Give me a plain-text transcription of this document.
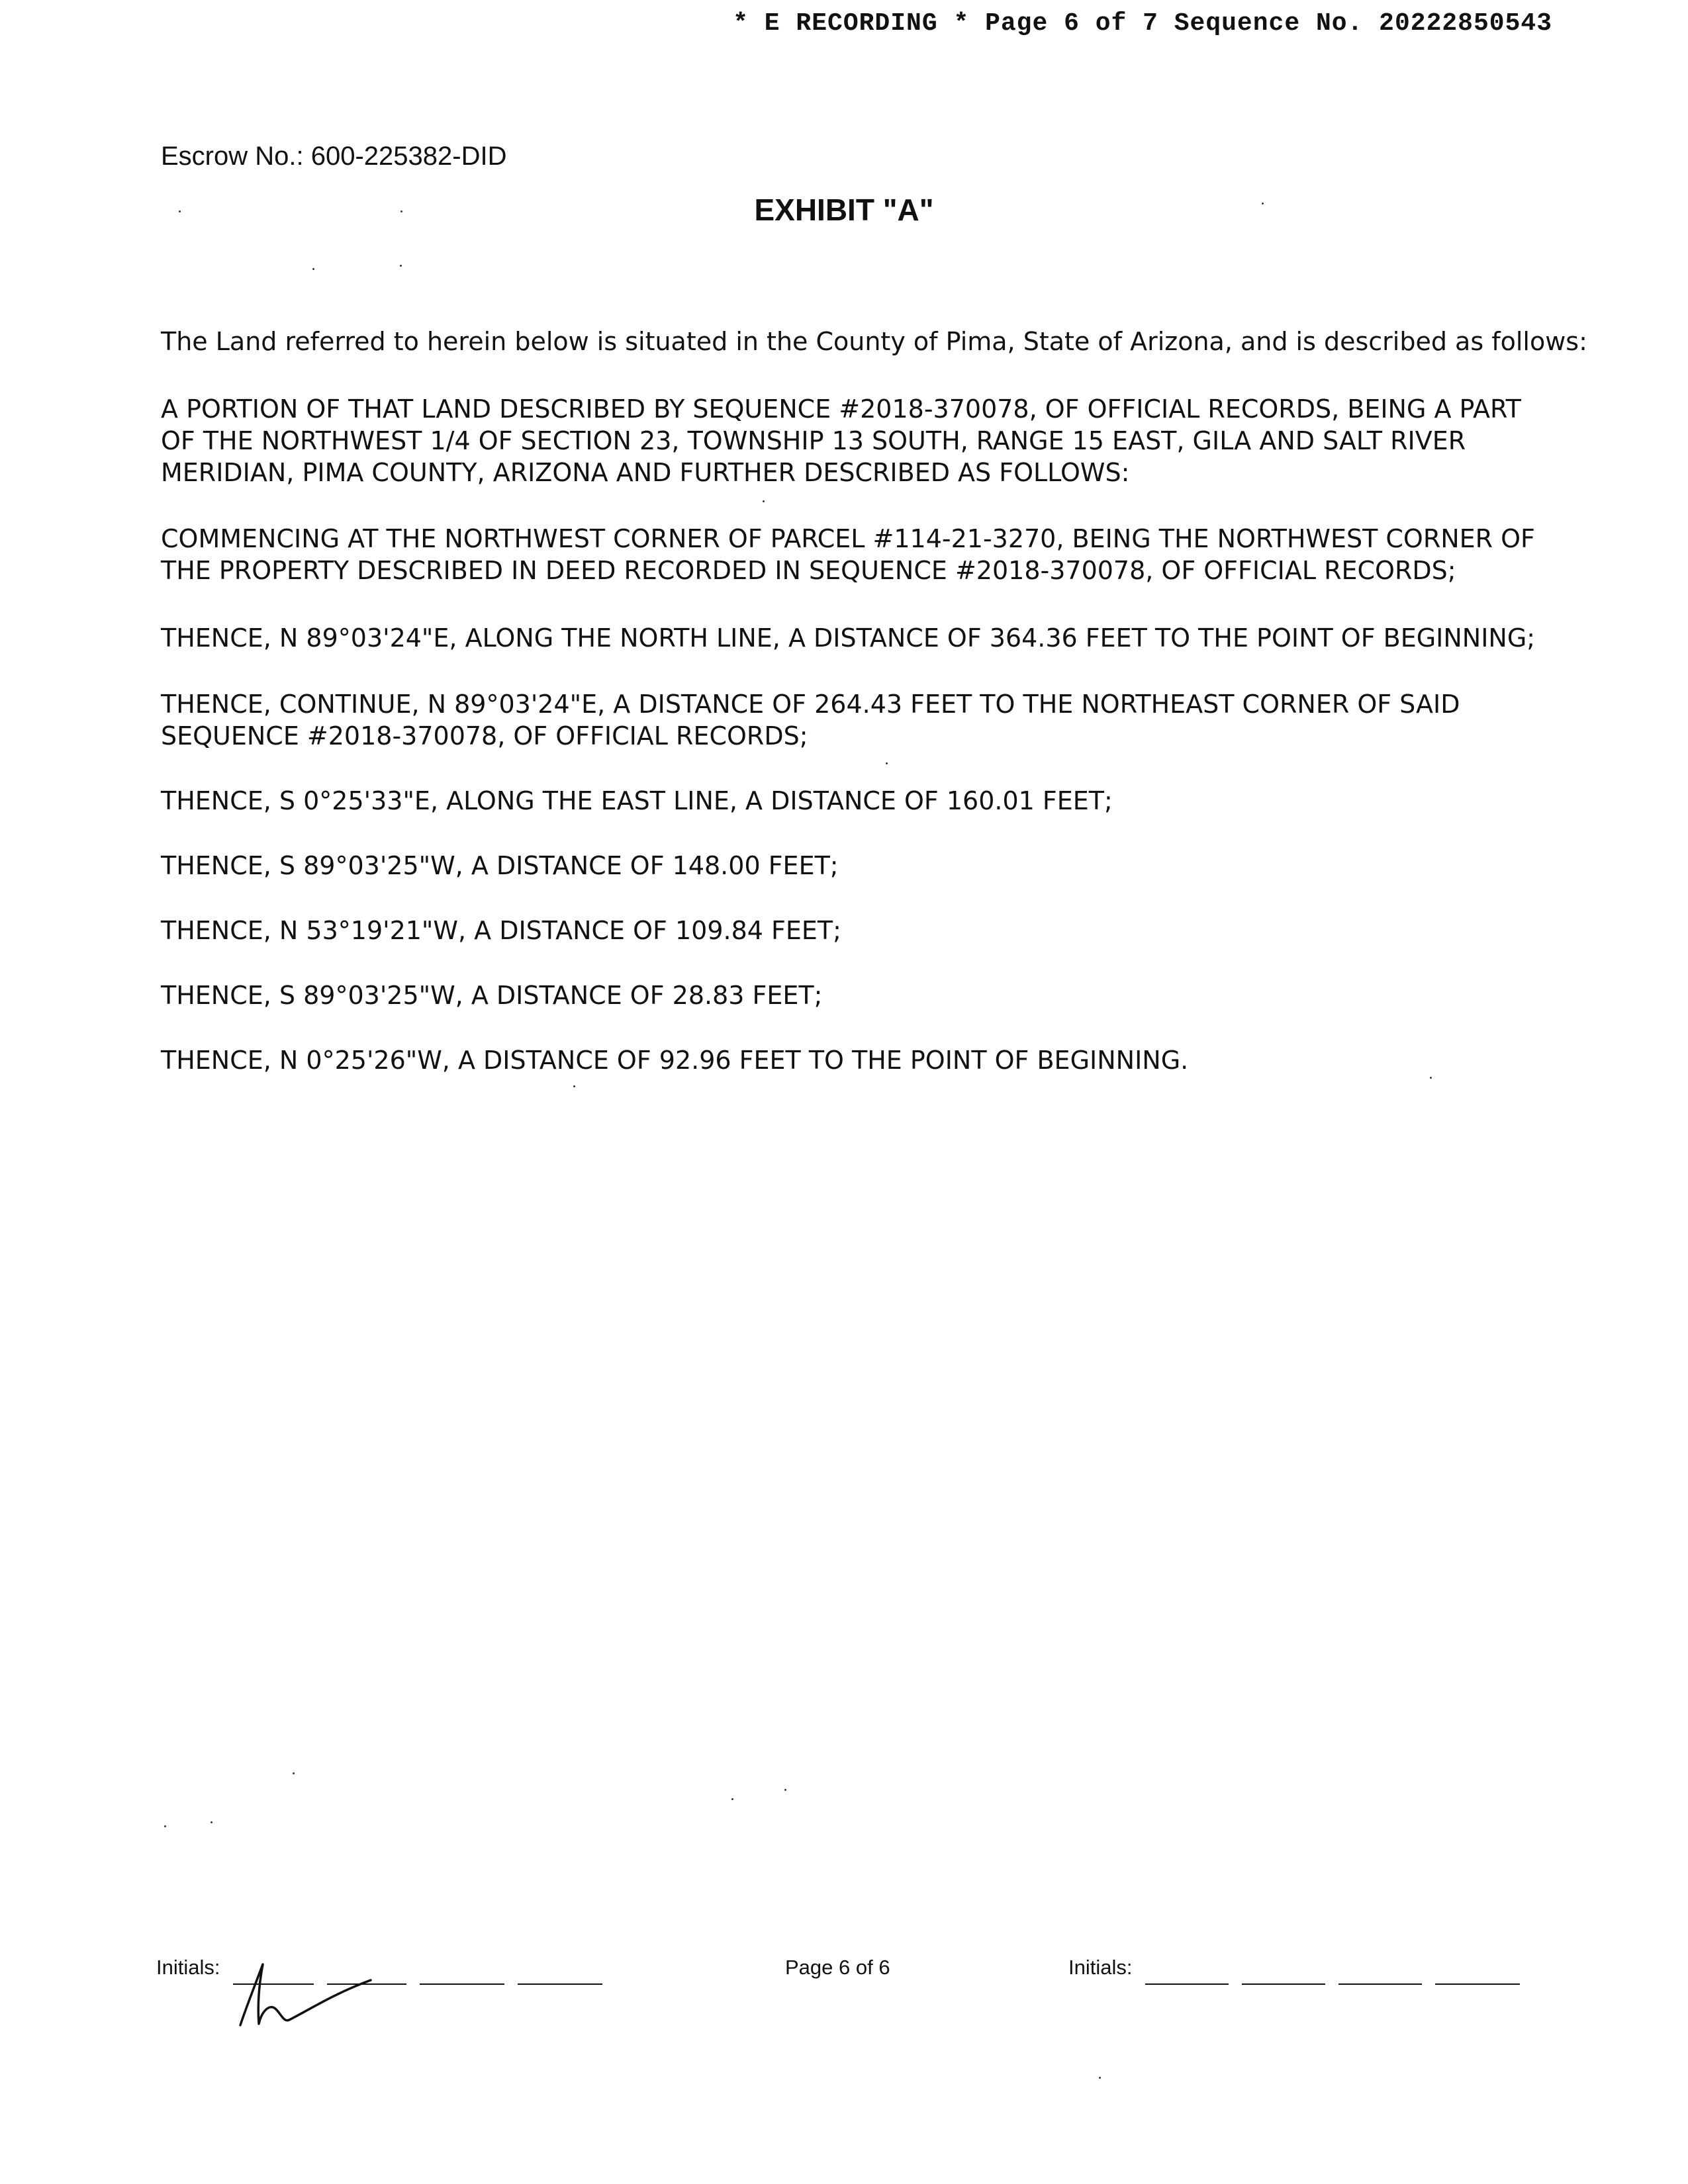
* E RECORDING * Page 6 of 7 Sequence No. 20222850543
Escrow No.: 600-225382-DID
EXHIBIT "A"

The Land referred to herein below is situated in the County of Pima, State of Arizona, and is described as follows:

A PORTION OF THAT LAND DESCRIBED BY SEQUENCE #2018-370078, OF OFFICIAL RECORDS, BEING A PART OF THE NORTHWEST 1/4 OF SECTION 23, TOWNSHIP 13 SOUTH, RANGE 15 EAST, GILA AND SALT RIVER MERIDIAN, PIMA COUNTY, ARIZONA AND FURTHER DESCRIBED AS FOLLOWS:

COMMENCING AT THE NORTHWEST CORNER OF PARCEL #114-21-3270, BEING THE NORTHWEST CORNER OF THE PROPERTY DESCRIBED IN DEED RECORDED IN SEQUENCE #2018-370078, OF OFFICIAL RECORDS;

THENCE, N 89°03'24"E, ALONG THE NORTH LINE, A DISTANCE OF 364.36 FEET TO THE POINT OF BEGINNING;

THENCE, CONTINUE, N 89°03'24"E, A DISTANCE OF 264.43 FEET TO THE NORTHEAST CORNER OF SAID SEQUENCE #2018-370078, OF OFFICIAL RECORDS;

THENCE, S 0°25'33"E, ALONG THE EAST LINE, A DISTANCE OF 160.01 FEET;

THENCE, S 89°03'25"W, A DISTANCE OF 148.00 FEET;

THENCE, N 53°19'21"W, A DISTANCE OF 109.84 FEET;

THENCE, S 89°03'25"W, A DISTANCE OF 28.83 FEET;

THENCE, N 0°25'26"W, A DISTANCE OF 92.96 FEET TO THE POINT OF BEGINNING.

Initials:	Page 6 of 6	Initials:
